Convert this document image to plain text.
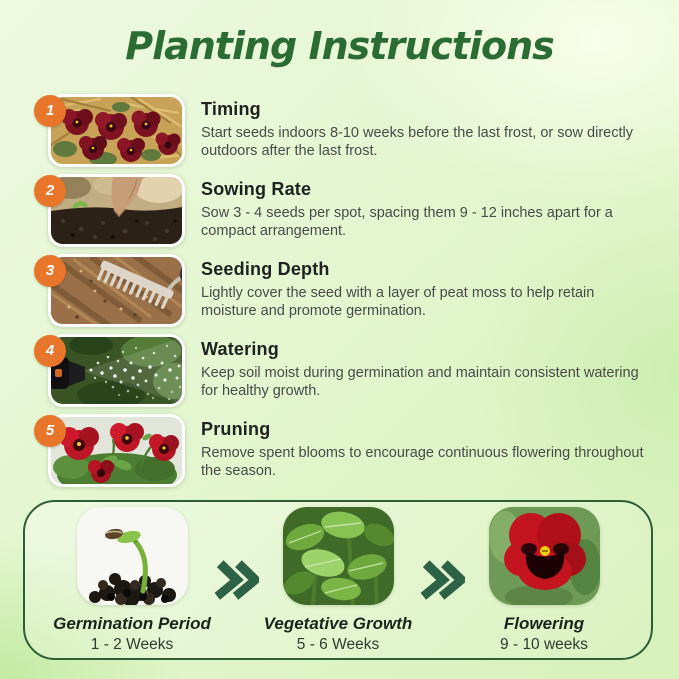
Planting Instructions
1	Timing
Start seeds indoors 8-10 weeks before the last frost, or sow directly outdoors after the last frost.
2	Sowing Rate
Sow 3 - 4 seeds per spot, spacing them 9 - 12 inches apart for a compact arrangement.
3	Seeding Depth
Lightly cover the seed with a layer of peat moss to help retain moisture and promote germination.
4	Watering
Keep soil moist during germination and maintain consistent watering for healthy growth.
5	Pruning
Remove spent blooms to encourage continuous flowering throughout the season.
Germination Period
1 - 2 Weeks
Vegetative Growth
5 - 6 Weeks
Flowering
9 - 10 weeks
